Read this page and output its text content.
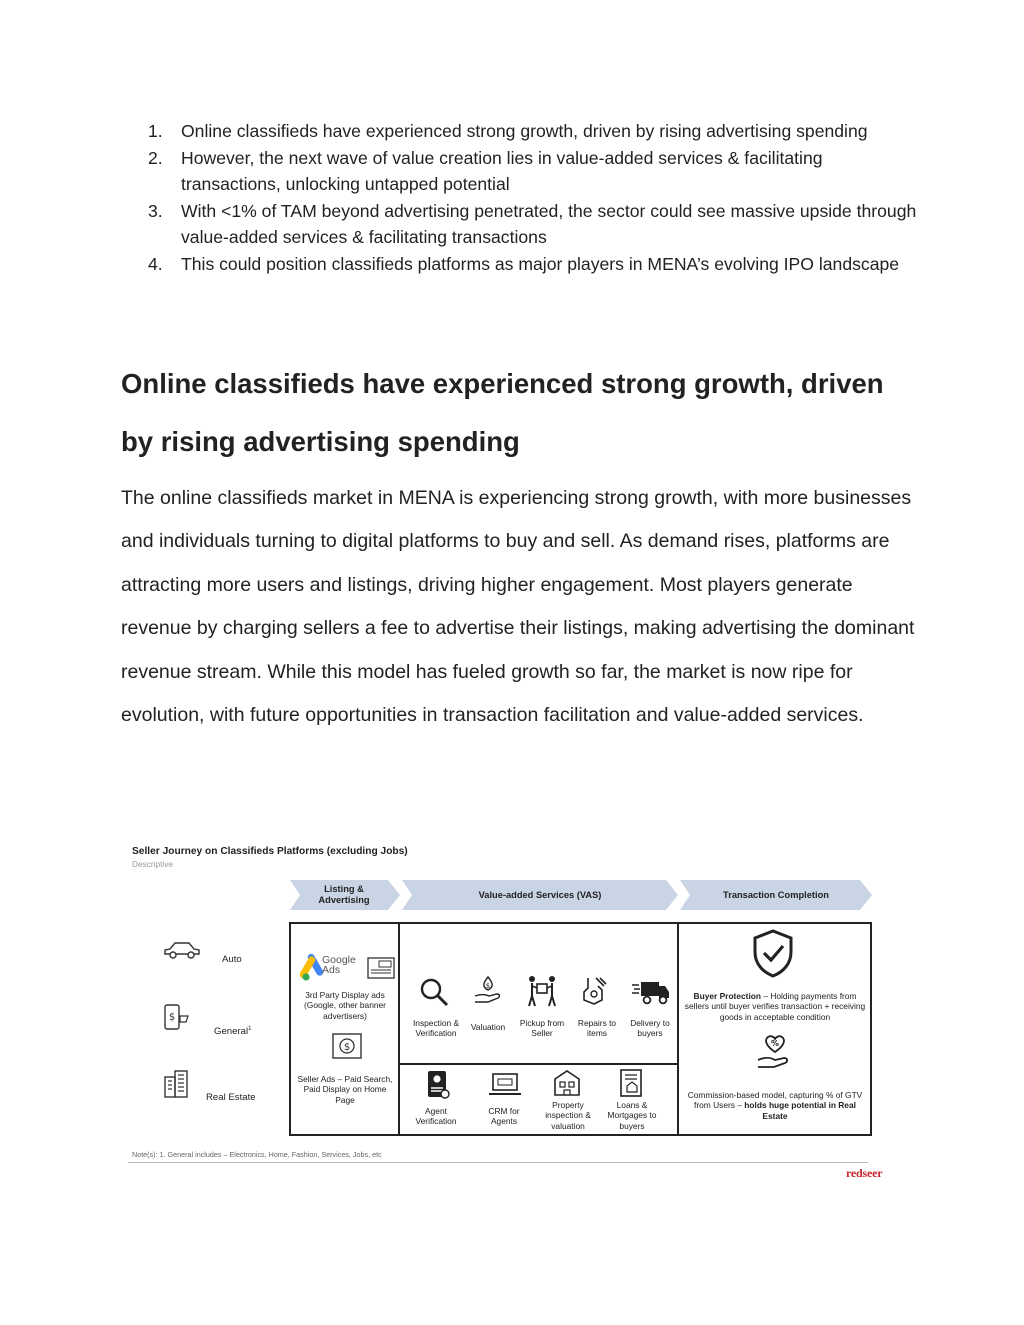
1. Online classifieds have experienced strong growth, driven by rising advertising spending
2. However, the next wave of value creation lies in value-added services & facilitating transactions, unlocking untapped potential
3. With <1% of TAM beyond advertising penetrated, the sector could see massive upside through value-added services & facilitating transactions
4. This could position classifieds platforms as major players in MENA’s evolving IPO landscape
Online classifieds have experienced strong growth, driven by rising advertising spending

The online classifieds market in MENA is experiencing strong growth, with more businesses and individuals turning to digital platforms to buy and sell. As demand rises, platforms are attracting more users and listings, driving higher engagement. Most players generate revenue by charging sellers a fee to advertise their listings, making advertising the dominant revenue stream. While this model has fueled growth so far, the market is now ripe for evolution, with future opportunities in transaction facilitation and value-added services.

Seller Journey on Classifieds Platforms (excluding Jobs)
Descriptive
Listing & Advertising
Value-added Services (VAS)	Transaction Completion
Auto
$
General$^1$
Real Estate
Google
Ads
3rd Party Display ads (Google, other banner advertisers)
$
Seller Ads – Paid Search, Paid Display on Home Page
Inspection & Verification
$
Valuation	Pickup from Seller
Repairs to items
Delivery to buyers
Agent Verification
CRM for Agents
Property inspection & valuation
Loans & Mortgages to buyers
Buyer Protection – Holding payments from sellers until buyer verifies transaction + receiving goods in acceptable condition
%
Commission-based model, capturing % of GTV from Users – holds huge potential in Real Estate
Note(s): 1. General includes – Electronics, Home, Fashion, Services, Jobs, etc
redseer
